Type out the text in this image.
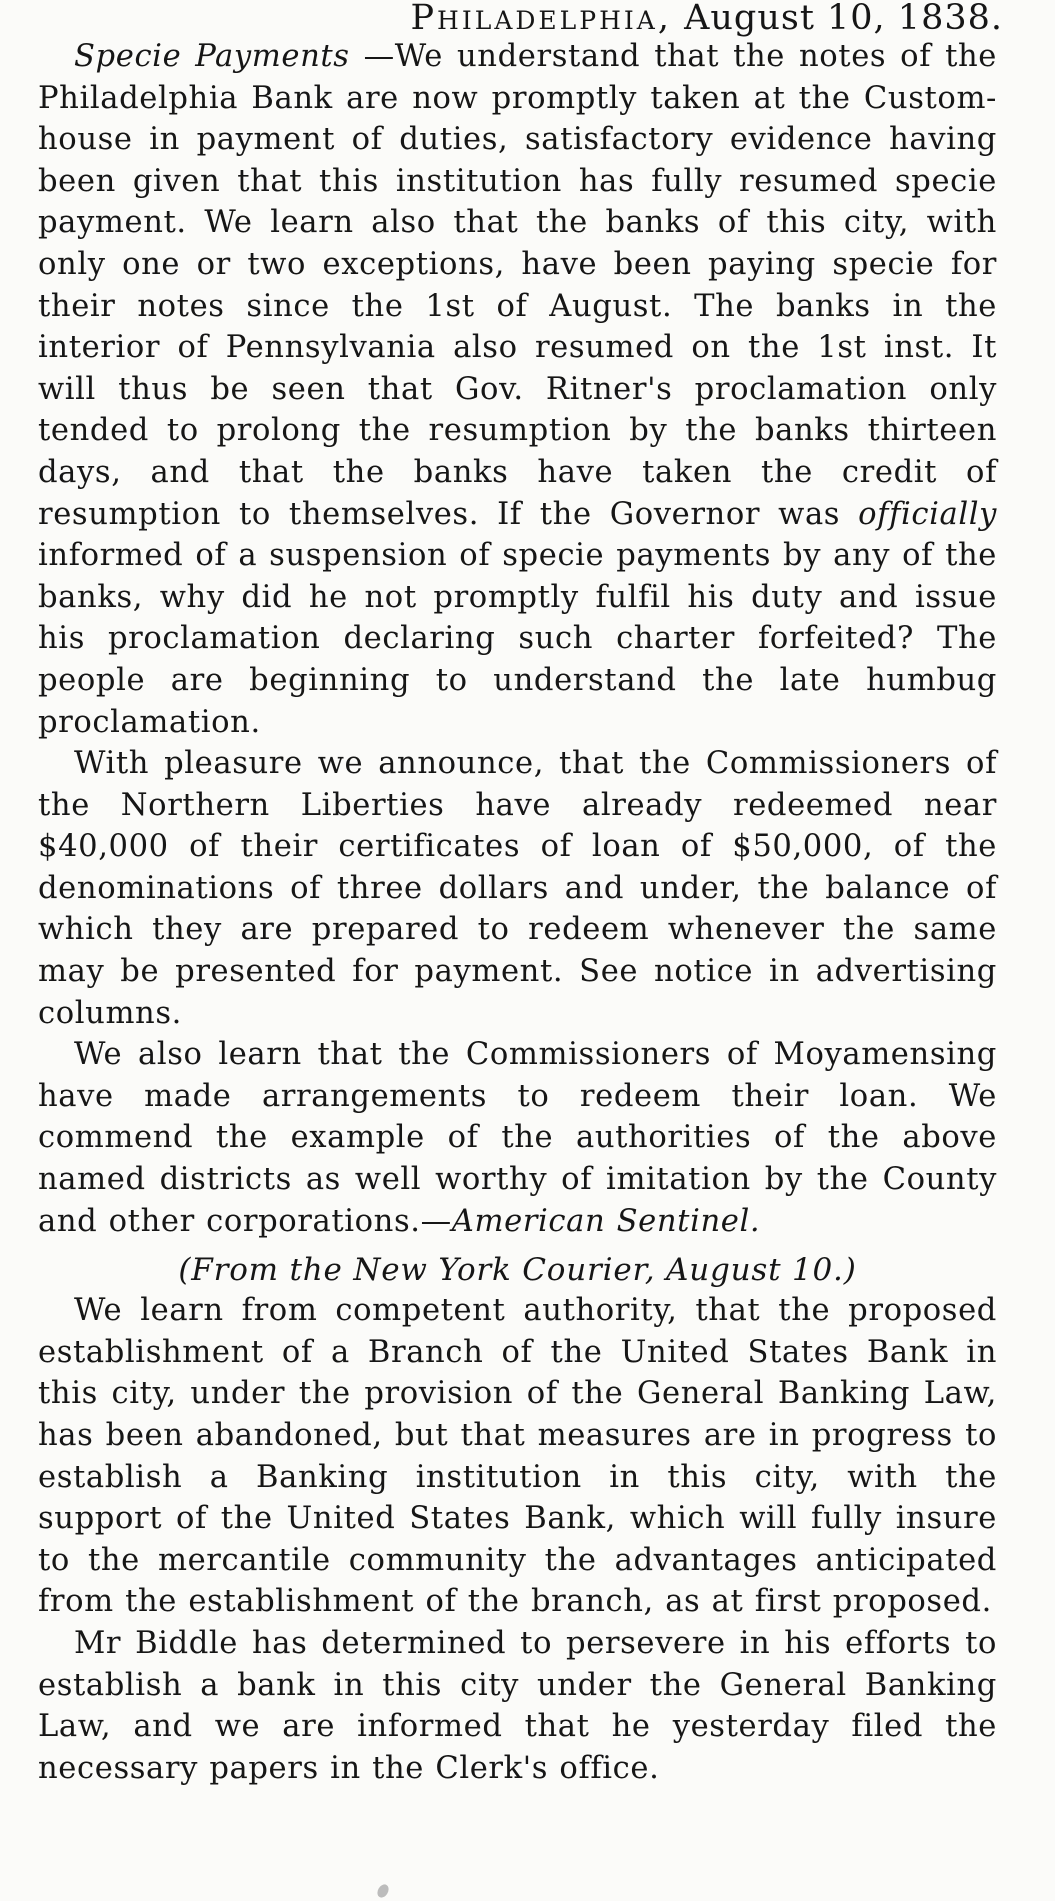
Philadelphia, August 10, 1838.

Specie Payments —We understand that the notes of the Philadelphia Bank are now promptly taken at the Custom-house in payment of duties, satisfactory evidence having been given that this institution has fully resumed specie payment. We learn also that the banks of this city, with only one or two exceptions, have been paying specie for their notes since the 1st of August. The banks in the interior of Pennsylvania also resumed on the 1st inst. It will thus be seen that Gov. Ritner's proclamation only tended to prolong the resumption by the banks thirteen days, and that the banks have taken the credit of resumption to themselves. If the Governor was officially informed of a suspension of specie payments by any of the banks, why did he not promptly fulfil his duty and issue his proclamation declaring such charter forfeited? The people are beginning to understand the late humbug proclamation.

With pleasure we announce, that the Commissioners of the Northern Liberties have already redeemed near $40,000 of their certificates of loan of $50,000, of the denominations of three dollars and under, the balance of which they are prepared to redeem whenever the same may be presented for payment. See notice in advertising columns.

We also learn that the Commissioners of Moyamensing have made arrangements to redeem their loan. We commend the example of the authorities of the above named districts as well worthy of imitation by the County and other corporations.—American Sentinel.

(From the New York Courier, August 10.)

We learn from competent authority, that the proposed establishment of a Branch of the United States Bank in this city, under the provision of the General Banking Law, has been abandoned, but that measures are in progress to establish a Banking institution in this city, with the support of the United States Bank, which will fully insure to the mercantile community the advantages anticipated from the establishment of the branch, as at first proposed.

Mr Biddle has determined to persevere in his efforts to establish a bank in this city under the General Banking Law, and we are informed that he yesterday filed the necessary papers in the Clerk's office.
